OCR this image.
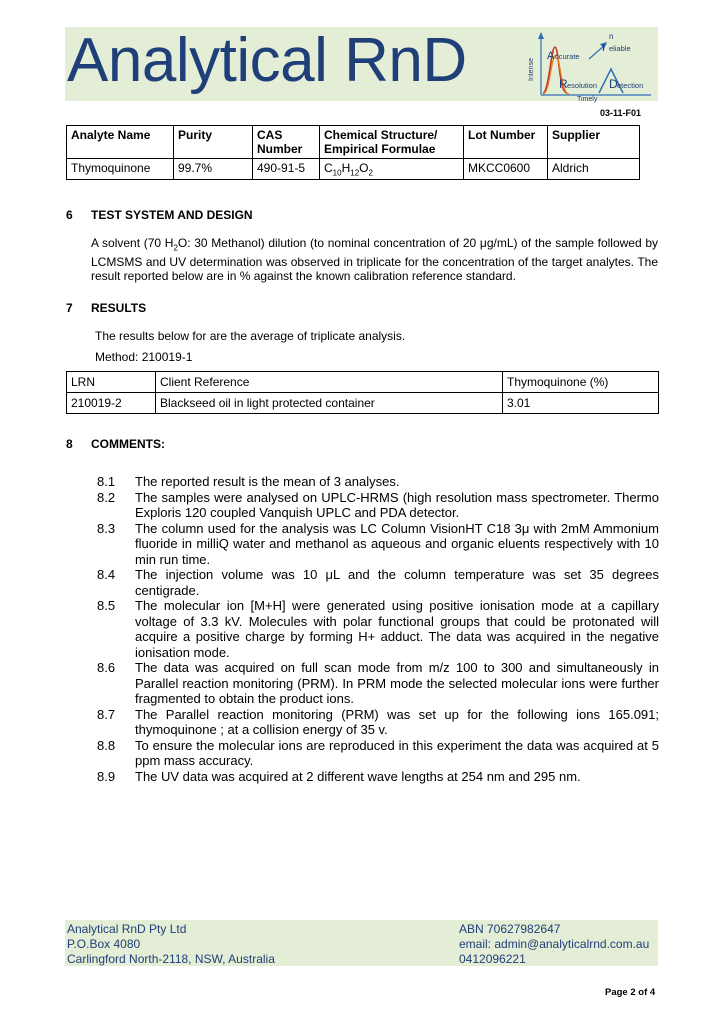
Analytical RnD	Intense
A ccurate
n
r eliable
R esolution D etection
Timely
03-11-F01
Analyte Name	Purity	CAS Number	Chemical Structure/ Empirical Formulae	Lot Number	Supplier
Thymoquinone	99.7%	490-91-5	$C_{10}H_{12}O_2$	MKCC0600	Aldrich
6 TEST SYSTEM AND DESIGN
A solvent (70 $H_2O$: 30 Methanol) dilution (to nominal concentration of 20 μg/mL) of the sample followed by LCMSMS and UV determination was observed in triplicate for the concentration of the target analytes. The result reported below are in % against the known calibration reference standard.
7 RESULTS
The results below for are the average of triplicate analysis.
Method: 210019-1
LRN	Client Reference	Thymoquinone (%)
210019-2	Blackseed oil in light protected container	3.01
8 COMMENTS:
8.1	The reported result is the mean of 3 analyses.
8.2	The samples were analysed on UPLC-HRMS (high resolution mass spectrometer. Thermo Exploris 120 coupled Vanquish UPLC and PDA detector.
8.3	The column used for the analysis was LC Column VisionHT C18 3μ with 2mM Ammonium fluoride in milliQ water and methanol as aqueous and organic eluents respectively with 10 min run time.
8.4	The injection volume was 10 μL and the column temperature was set 35 degrees centigrade.
8.5	The molecular ion [M+H] were generated using positive ionisation mode at a capillary voltage of 3.3 kV. Molecules with polar functional groups that could be protonated will acquire a positive charge by forming H+ adduct. The data was acquired in the negative ionisation mode.
8.6	The data was acquired on full scan mode from m/z 100 to 300 and simultaneously in Parallel reaction monitoring (PRM). In PRM mode the selected molecular ions were further fragmented to obtain the product ions.
8.7	The Parallel reaction monitoring (PRM) was set up for the following ions 165.091; thymoquinone ; at a collision energy of 35 v.
8.8	To ensure the molecular ions are reproduced in this experiment the data was acquired at 5 ppm mass accuracy.
8.9	The UV data was acquired at 2 different wave lengths at 254 nm and 295 nm.
Analytical RnD Pty Ltd
P.O.Box 4080
Carlingford North-2118, NSW, Australia
ABN 70627982647
email: admin@analyticalrnd.com.au
0412096221
Page 2 of 4
